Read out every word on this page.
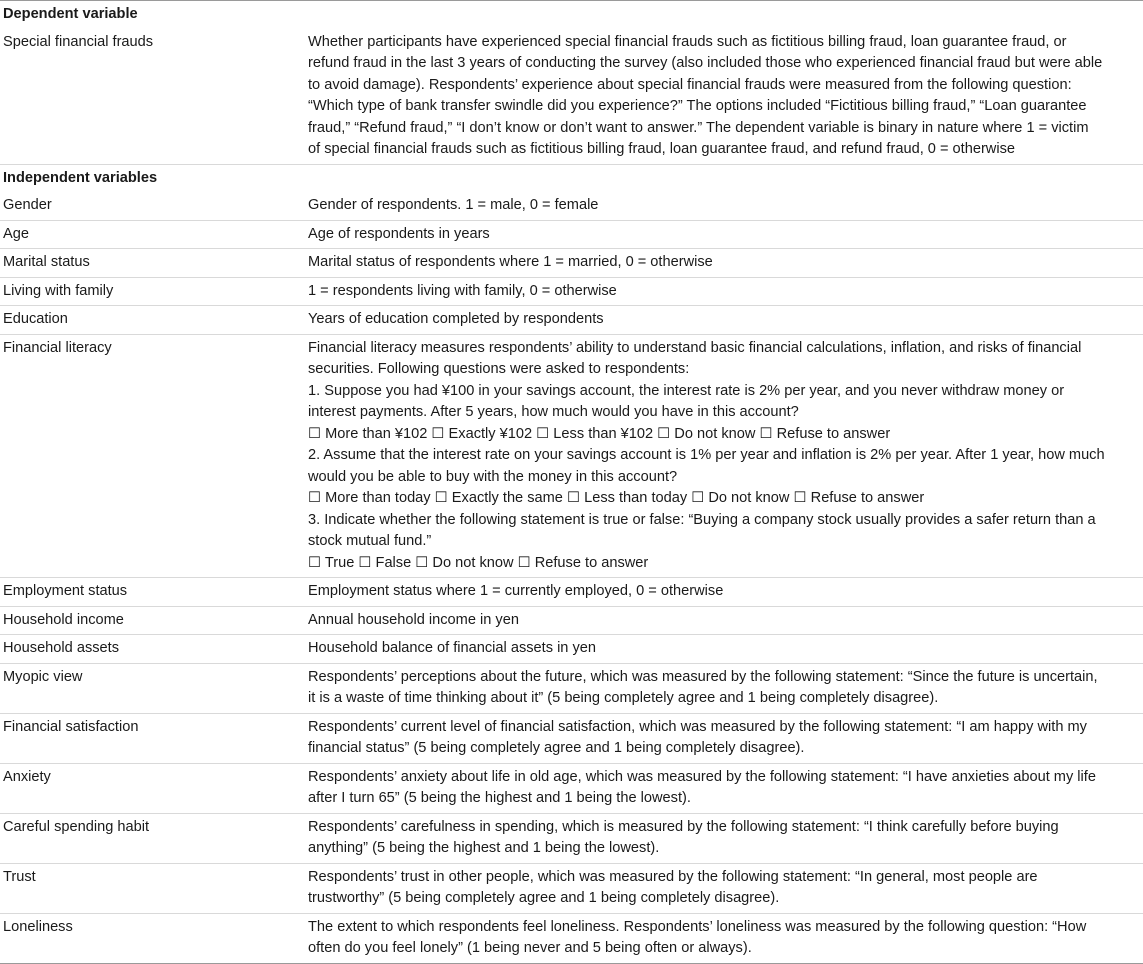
Dependent variable
Special financial frauds	Whether participants have experienced special financial frauds such as fictitious billing fraud, loan guarantee fraud, or
refund fraud in the last 3 years of conducting the survey (also included those who experienced financial fraud but were able
to avoid damage). Respondents’ experience about special financial frauds were measured from the following question:
“Which type of bank transfer swindle did you experience?” The options included “Fictitious billing fraud,” “Loan guarantee
fraud,” “Refund fraud,” “I don’t know or don’t want to answer.” The dependent variable is binary in nature where 1 = victim
of special financial frauds such as fictitious billing fraud, loan guarantee fraud, and refund fraud, 0 = otherwise
Independent variables
Gender	Gender of respondents. 1 = male, 0 = female
Age	Age of respondents in years
Marital status	Marital status of respondents where 1 = married, 0 = otherwise
Living with family	1 = respondents living with family, 0 = otherwise
Education	Years of education completed by respondents
Financial literacy	Financial literacy measures respondents’ ability to understand basic financial calculations, inflation, and risks of financial
securities. Following questions were asked to respondents:
1. Suppose you had ¥100 in your savings account, the interest rate is 2% per year, and you never withdraw money or
interest payments. After 5 years, how much would you have in this account?
☐ More than ¥102 ☐ Exactly ¥102 ☐ Less than ¥102 ☐ Do not know ☐ Refuse to answer
2. Assume that the interest rate on your savings account is 1% per year and inflation is 2% per year. After 1 year, how much
would you be able to buy with the money in this account?
☐ More than today ☐ Exactly the same ☐ Less than today ☐ Do not know ☐ Refuse to answer
3. Indicate whether the following statement is true or false: “Buying a company stock usually provides a safer return than a
stock mutual fund.”
☐ True ☐ False ☐ Do not know ☐ Refuse to answer
Employment status	Employment status where 1 = currently employed, 0 = otherwise
Household income	Annual household income in yen
Household assets	Household balance of financial assets in yen
Myopic view	Respondents’ perceptions about the future, which was measured by the following statement: “Since the future is uncertain,
it is a waste of time thinking about it” (5 being completely agree and 1 being completely disagree).
Financial satisfaction	Respondents’ current level of financial satisfaction, which was measured by the following statement: “I am happy with my
financial status” (5 being completely agree and 1 being completely disagree).
Anxiety	Respondents’ anxiety about life in old age, which was measured by the following statement: “I have anxieties about my life
after I turn 65” (5 being the highest and 1 being the lowest).
Careful spending habit	Respondents’ carefulness in spending, which is measured by the following statement: “I think carefully before buying
anything” (5 being the highest and 1 being the lowest).
Trust	Respondents’ trust in other people, which was measured by the following statement: “In general, most people are
trustworthy” (5 being completely agree and 1 being completely disagree).
Loneliness	The extent to which respondents feel loneliness. Respondents’ loneliness was measured by the following question: “How
often do you feel lonely” (1 being never and 5 being often or always).
